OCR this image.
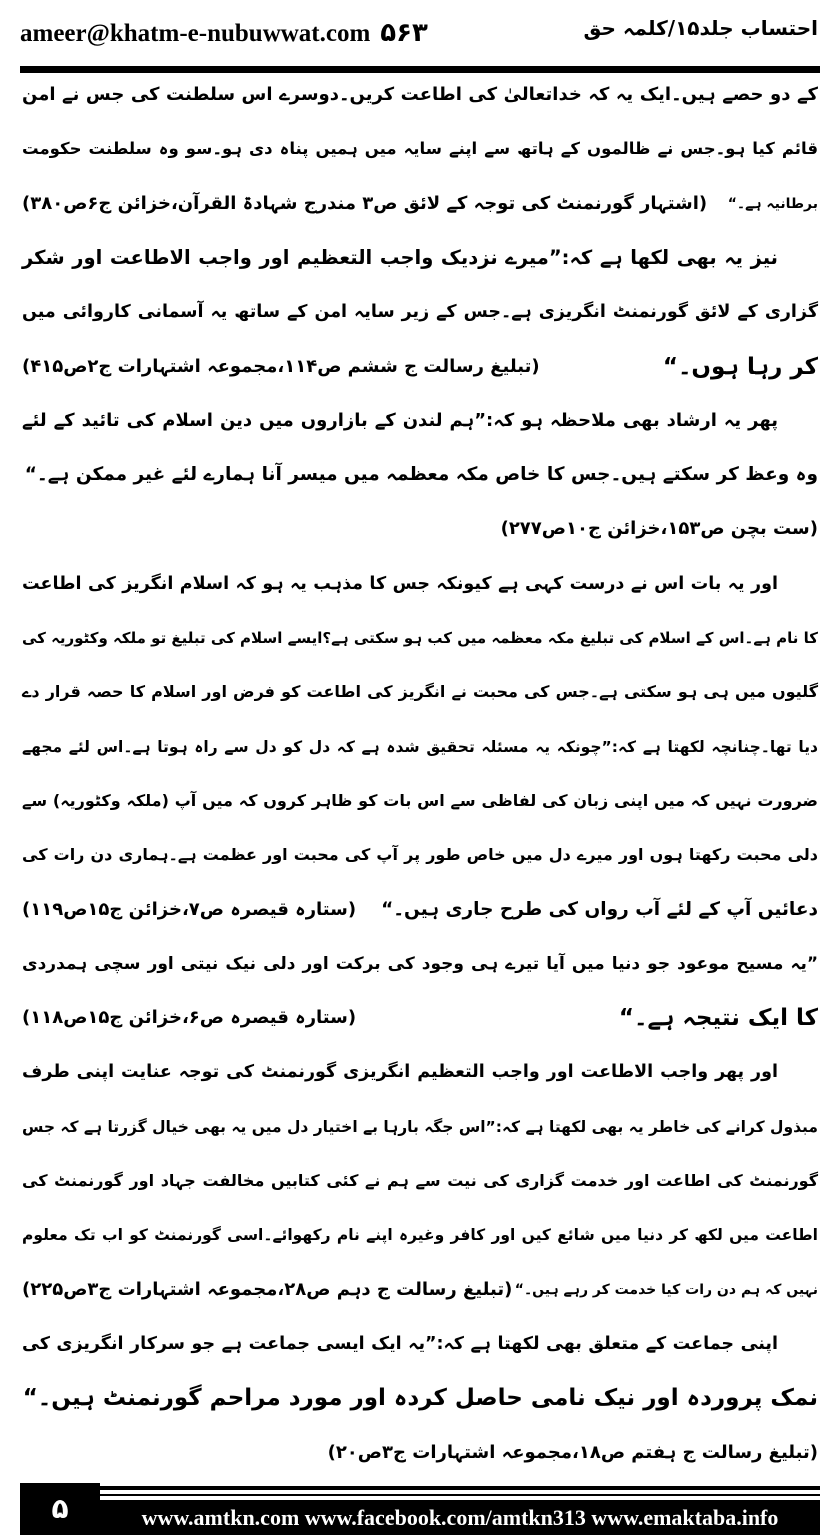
ameer@khatm-e-nubuwwat.com ۵۶۳	احتساب جلد۱۵/کلمہ حق
کے دو حصے ہیں۔ایک یہ کہ خداتعالیٰ کی اطاعت کریں۔دوسرے اس سلطنت کی جس نے امن
قائم کیا ہو۔جس نے ظالموں کے ہاتھ سے اپنے سایہ میں ہمیں پناہ دی ہو۔سو وہ سلطنت حکومت
برطانیہ ہے۔“
(اشتہار گورنمنٹ کی توجہ کے لائق ص۳ مندرج شہادۃ القرآن،خزائن ج۶ص۳۸۰)
نیز یہ بھی لکھا ہے کہ:”میرے نزدیک واجب التعظیم اور واجب الاطاعت اور شکر
گزاری کے لائق گورنمنٹ انگریزی ہے۔جس کے زیر سایہ امن کے ساتھ یہ آسمانی کاروائی میں
کر رہا ہوں۔“
(تبلیغ رسالت ج ششم ص۱۱۴،مجموعہ اشتہارات ج۲ص۴۱۵)
پھر یہ ارشاد بھی ملاحظہ ہو کہ:”ہم لندن کے بازاروں میں دین اسلام کی تائید کے لئے
وہ وعظ کر سکتے ہیں۔جس کا خاص مکہ معظمہ میں میسر آنا ہمارے لئے غیر ممکن ہے۔“
(ست بچن ص۱۵۳،خزائن ج۱۰ص۲۷۷)
اور یہ بات اس نے درست کہی ہے کیونکہ جس کا مذہب یہ ہو کہ اسلام انگریز کی اطاعت
کا نام ہے۔اس کے اسلام کی تبلیغ مکہ معظمہ میں کب ہو سکتی ہے؟ایسے اسلام کی تبلیغ تو ملکہ وکٹوریہ کی
گلیوں میں ہی ہو سکتی ہے۔جس کی محبت نے انگریز کی اطاعت کو فرض اور اسلام کا حصہ قرار دے
دیا تھا۔چنانچہ لکھتا ہے کہ:”چونکہ یہ مسئلہ تحقیق شدہ ہے کہ دل کو دل سے راہ ہوتا ہے۔اس لئے مجھے
ضرورت نہیں کہ میں اپنی زبان کی لفاظی سے اس بات کو ظاہر کروں کہ میں آپ (ملکہ وکٹوریہ) سے
دلی محبت رکھتا ہوں اور میرے دل میں خاص طور پر آپ کی محبت اور عظمت ہے۔ہماری دن رات کی
دعائیں آپ کے لئے آب رواں کی طرح جاری ہیں۔“
(ستارہ قیصرہ ص۷،خزائن ج۱۵ص۱۱۹)
”یہ مسیح موعود جو دنیا میں آیا تیرے ہی وجود کی برکت اور دلی نیک نیتی اور سچی ہمدردی
کا ایک نتیجہ ہے۔“
(ستارہ قیصرہ ص۶،خزائن ج۱۵ص۱۱۸)
اور پھر واجب الاطاعت اور واجب التعظیم انگریزی گورنمنٹ کی توجہ عنایت اپنی طرف
مبذول کرانے کی خاطر یہ بھی لکھتا ہے کہ:”اس جگہ بارہا بے اختیار دل میں یہ بھی خیال گزرتا ہے کہ جس
گورنمنٹ کی اطاعت اور خدمت گزاری کی نیت سے ہم نے کئی کتابیں مخالفت جہاد اور گورنمنٹ کی
اطاعت میں لکھ کر دنیا میں شائع کیں اور کافر وغیرہ اپنے نام رکھوائے۔اسی گورنمنٹ کو اب تک معلوم
نہیں کہ ہم دن رات کیا خدمت کر رہے ہیں۔“
(تبلیغ رسالت ج دہم ص۲۸،مجموعہ اشتہارات ج۳ص۲۲۵)
اپنی جماعت کے متعلق بھی لکھتا ہے کہ:”یہ ایک ایسی جماعت ہے جو سرکار انگریزی کی
نمک پروردہ اور نیک نامی حاصل کردہ اور مورد مراحم گورنمنٹ ہیں۔“
(تبلیغ رسالت ج ہفتم ص۱۸،مجموعہ اشتہارات ج۳ص۲۰)
۵	www.amtkn.com www.facebook.com/amtkn313 www.emaktaba.info
